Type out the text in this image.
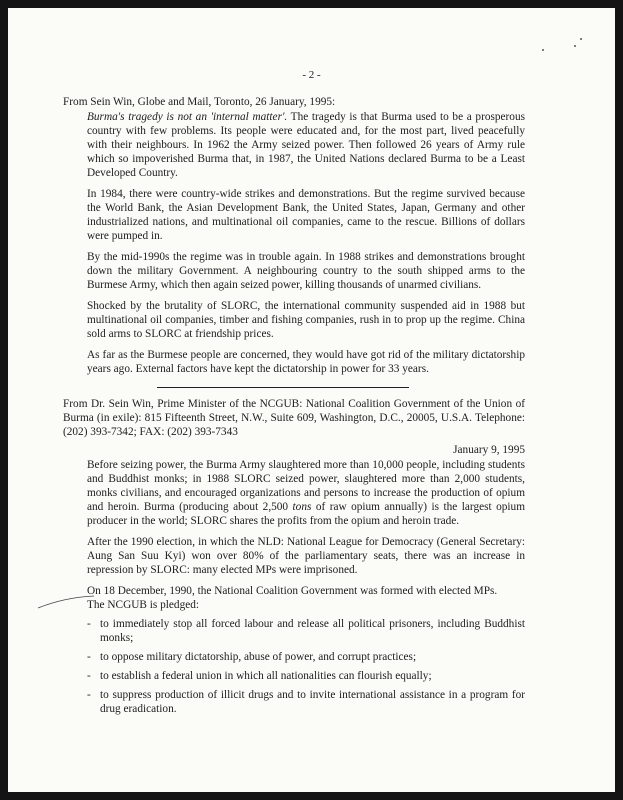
- 2 -

From Sein Win, Globe and Mail, Toronto, 26 January, 1995:

Burma's tragedy is not an 'internal matter'. The tragedy is that Burma used to be a prosperous country with few problems. Its people were educated and, for the most part, lived peacefully with their neighbours. In 1962 the Army seized power. Then followed 26 years of Army rule which so impoverished Burma that, in 1987, the United Nations declared Burma to be a Least Developed Country.

In 1984, there were country-wide strikes and demonstrations. But the regime survived because the World Bank, the Asian Development Bank, the United States, Japan, Germany and other industrialized nations, and multinational oil companies, came to the rescue. Billions of dollars were pumped in.

By the mid-1990s the regime was in trouble again. In 1988 strikes and demonstrations brought down the military Government. A neighbouring country to the south shipped arms to the Burmese Army, which then again seized power, killing thousands of unarmed civilians.

Shocked by the brutality of SLORC, the international community suspended aid in 1988 but multinational oil companies, timber and fishing companies, rush in to prop up the regime. China sold arms to SLORC at friendship prices.

As far as the Burmese people are concerned, they would have got rid of the military dictatorship years ago. External factors have kept the dictatorship in power for 33 years.

From Dr. Sein Win, Prime Minister of the NCGUB: National Coalition Government of the Union of Burma (in exile): 815 Fifteenth Street, N.W., Suite 609, Washington, D.C., 20005, U.S.A. Telephone: (202) 393-7342; FAX: (202) 393-7343

January 9, 1995

Before seizing power, the Burma Army slaughtered more than 10,000 people, including students and Buddhist monks; in 1988 SLORC seized power, slaughtered more than 2,000 students, monks civilians, and encouraged organizations and persons to increase the production of opium and heroin. Burma (producing about 2,500 tons of raw opium annually) is the largest opium producer in the world; SLORC shares the profits from the opium and heroin trade.

After the 1990 election, in which the NLD: National League for Democracy (General Secretary: Aung San Suu Kyi) won over 80% of the parliamentary seats, there was an increase in repression by SLORC: many elected MPs were imprisoned.

On 18 December, 1990, the National Coalition Government was formed with elected MPs.
The NCGUB is pledged:

- to immediately stop all forced labour and release all political prisoners, including Buddhist monks;
- to oppose military dictatorship, abuse of power, and corrupt practices;
- to establish a federal union in which all nationalities can flourish equally;
- to suppress production of illicit drugs and to invite international assistance in a program for drug eradication.
